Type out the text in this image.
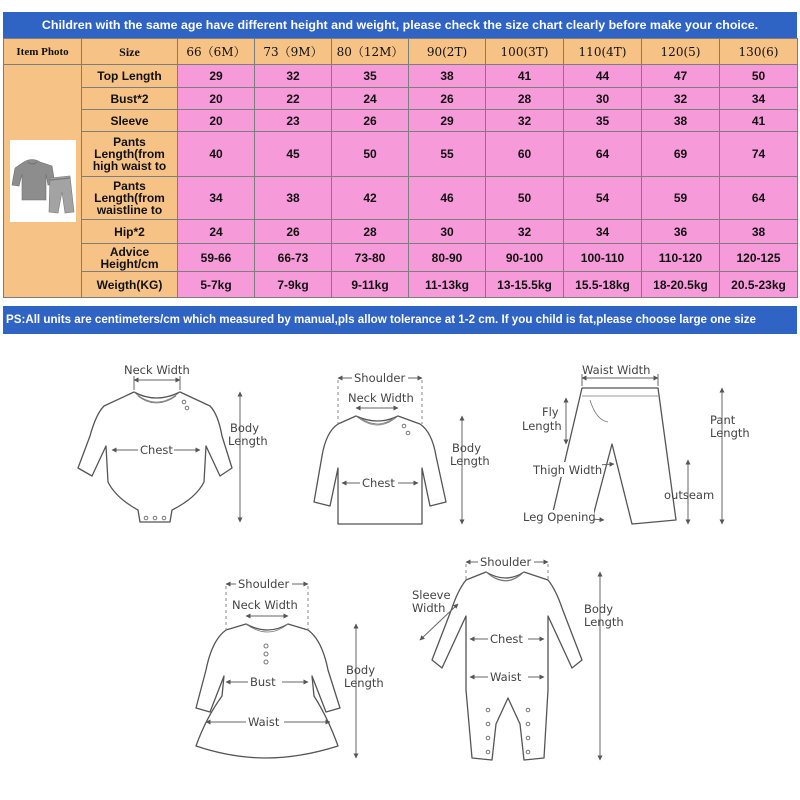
Children with the same age have different height and weight, please check the size chart clearly before make your choice.
Item Photo	Size	66（6M）	73（9M）	80（12M）	90(2T)	100(3T)	110(4T)	120(5)	130(6)

	Top Length	29	32	35	38	41	44	47	50
	Bust*2	20	22	24	26	28	30	32	34
	Sleeve	20	23	26	29	32	35	38	41
	Pants Length(from high waist to	40	45	50	55	60	64	69	74
	Pants Length(from waistline to	34	38	42	46	50	54	59	64
	Hip*2	24	26	28	30	32	34	36	38
	Advice Height/cm	59-66	66-73	73-80	80-90	90-100	100-110	110-120	120-125
	Weigth(KG)	5-7kg	7-9kg	9-11kg	11-13kg	13-15.5kg	15.5-18kg	18-20.5kg	20.5-23kg
PS:All units are centimeters/cm which measured by manual,pls allow tolerance at 1-2 cm. If you child is fat,please choose large one size
Neck Width
Chest
Body
Length
Shoulder
Neck Width
Chest
Body
Length
Waist Width
Fly
Length	Pant
Length
Thigh Width
outseam
Leg Opening
Shoulder
Neck Width
Bust
Waist
Body
Length
Shoulder
Sleeve
Width
Chest
Waist
Body
Length
